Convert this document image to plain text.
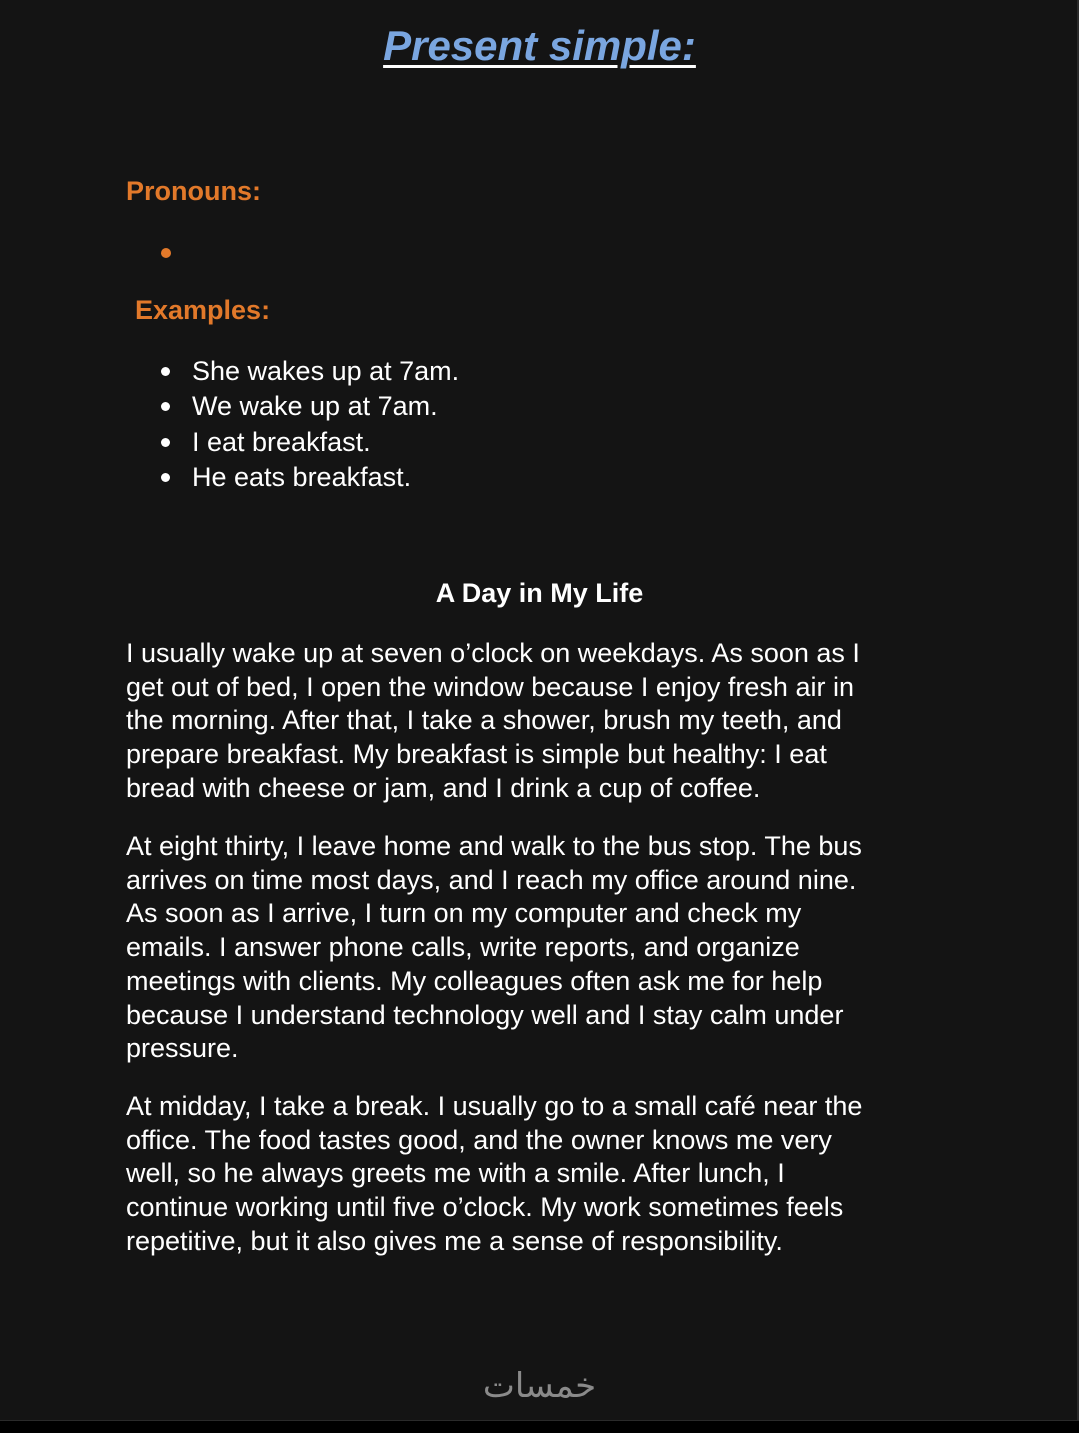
Present simple:
Pronouns:
Examples:
She wakes up at 7am.
We wake up at 7am.
I eat breakfast.
He eats breakfast.
A Day in My Life

I usually wake up at seven o’clock on weekdays. As soon as I
get out of bed, I open the window because I enjoy fresh air in
the morning. After that, I take a shower, brush my teeth, and
prepare breakfast. My breakfast is simple but healthy: I eat
bread with cheese or jam, and I drink a cup of coffee.

At eight thirty, I leave home and walk to the bus stop. The bus
arrives on time most days, and I reach my office around nine.
As soon as I arrive, I turn on my computer and check my
emails. I answer phone calls, write reports, and organize
meetings with clients. My colleagues often ask me for help
because I understand technology well and I stay calm under
pressure.

At midday, I take a break. I usually go to a small café near the
office. The food tastes good, and the owner knows me very
well, so he always greets me with a smile. After lunch, I
continue working until five o’clock. My work sometimes feels
repetitive, but it also gives me a sense of responsibility.

خمسات
